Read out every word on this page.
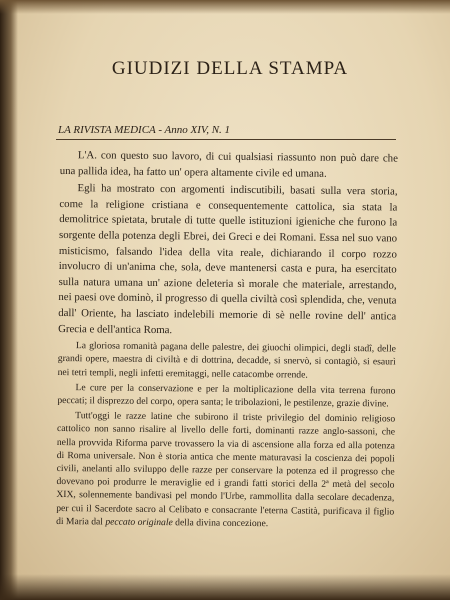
GIUDIZI DELLA STAMPA
LA RIVISTA MEDICA - Anno XIV, N. 1

L'A. con questo suo lavoro, di cui qualsiasi riassunto non può dare che una pallida idea, ha fatto un' opera altamente civile ed umana.

Egli ha mostrato con argomenti indiscutibili, basati sulla vera storia, come la religione cristiana e consequentemente cattolica, sia stata la demolitrice spietata, brutale di tutte quelle istituzioni igieniche che furono la sorgente della potenza degli Ebrei, dei Greci e dei Romani. Essa nel suo vano misticismo, falsando l'idea della vita reale, dichiarando il corpo rozzo involucro di un'anima che, sola, deve mantenersi casta e pura, ha esercitato sulla natura umana un' azione deleteria sì morale che materiale, arrestando, nei paesi ove dominò, il progresso di quella civiltà così splendida, che, venuta dall' Oriente, ha lasciato indelebili memorie di sè nelle rovine dell' antica Grecia e dell'antica Roma.

La gloriosa romanità pagana delle palestre, dei giuochi olimpici, degli stadî, delle grandi opere, maestra di civiltà e di dottrina, decadde, si snervò, si contagiò, si esaurì nei tetri templi, negli infetti eremitaggi, nelle catacombe orrende.

Le cure per la conservazione e per la moltiplicazione della vita terrena furono peccati; il disprezzo del corpo, opera santa; le tribolazioni, le pestilenze, grazie divine.

Tutt'oggi le razze latine che subirono il triste privilegio del dominio religioso cattolico non sanno risalire al livello delle forti, dominanti razze anglo-sassoni, che nella provvida Riforma parve trovassero la via di ascensione alla forza ed alla potenza di Roma universale. Non è storia antica che mente maturavasi la coscienza dei popoli civili, anelanti allo sviluppo delle razze per conservare la potenza ed il progresso che dovevano poi produrre le meraviglie ed i grandi fatti storici della 2ª metà del secolo XIX, solennemente bandivasi pel mondo l'Urbe, rammollita dalla secolare decadenza, per cui il Sacerdote sacro al Celibato e consacrante l'eterna Castità, purificava il figlio di Maria dal peccato originale della divina concezione.
